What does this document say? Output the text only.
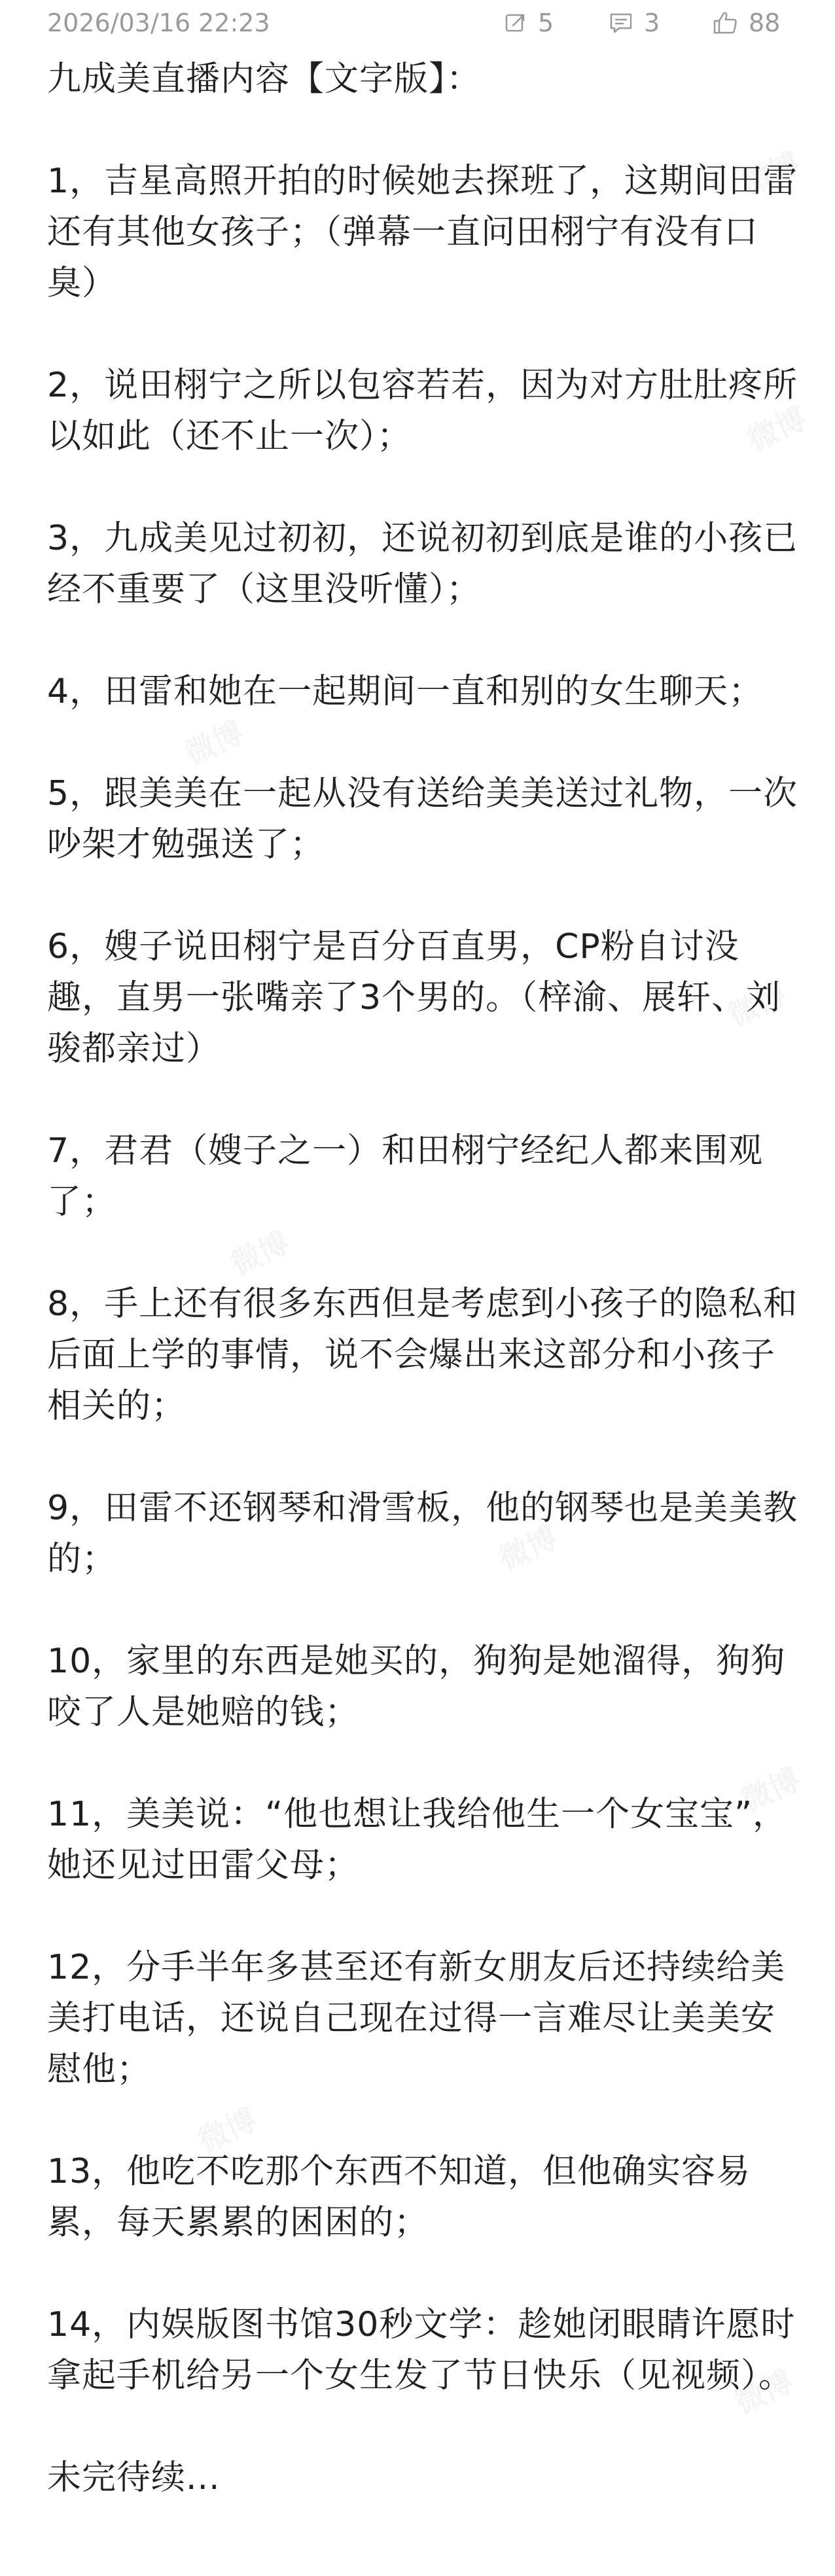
2026/03/16 22:23	5	3	88

九成美直播内容【文字版】：

1，吉星高照开拍的时候她去探班了，这期间田雷还有其他女孩子；（弹幕一直问田栩宁有没有口臭）

2，说田栩宁之所以包容若若，因为对方肚肚疼所以如此（还不止一次）；

3，九成美见过初初，还说初初到底是谁的小孩已经不重要了（这里没听懂）；

4，田雷和她在一起期间一直和别的女生聊天；

5，跟美美在一起从没有送给美美送过礼物，一次吵架才勉强送了；

6，嫂子说田栩宁是百分百直男，CP粉自讨没趣，直男一张嘴亲了3个男的。（梓渝、展轩、刘骏都亲过）

7，君君（嫂子之一）和田栩宁经纪人都来围观了；

8，手上还有很多东西但是考虑到小孩子的隐私和后面上学的事情，说不会爆出来这部分和小孩子相关的；

9，田雷不还钢琴和滑雪板，他的钢琴也是美美教的；

10，家里的东西是她买的，狗狗是她溜得，狗狗咬了人是她赔的钱；

11，美美说：“他也想让我给他生一个女宝宝”，她还见过田雷父母；

12，分手半年多甚至还有新女朋友后还持续给美美打电话，还说自己现在过得一言难尽让美美安慰他；

13，他吃不吃那个东西不知道，但他确实容易累，每天累累的困困的；

14，内娱版图书馆30秒文学：趁她闭眼睛许愿时拿起手机给另一个女生发了节日快乐（见视频）。

未完待续...
